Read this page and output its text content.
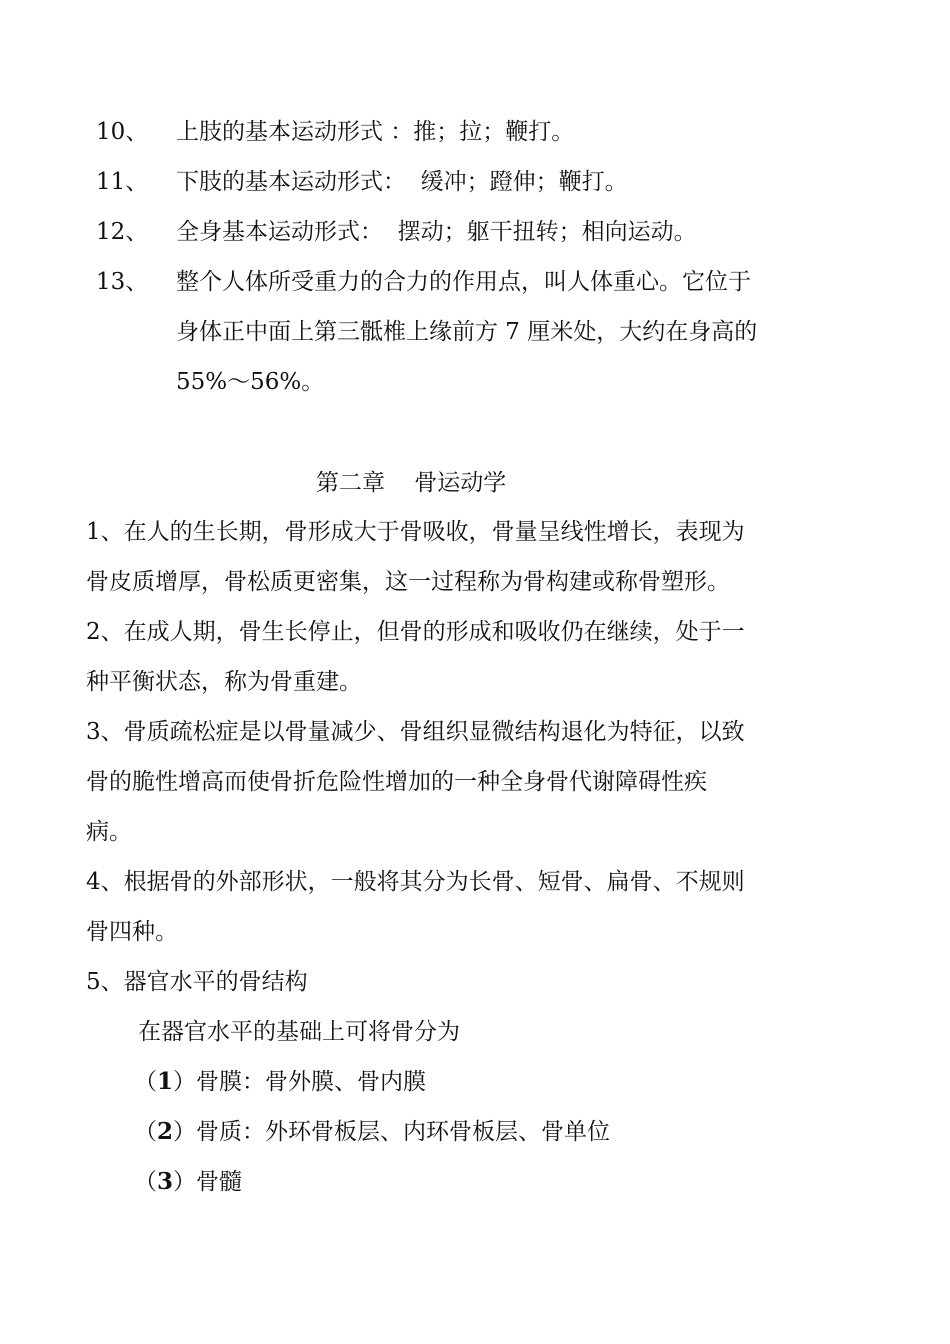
10、 上肢的基本运动形式 ：推；拉；鞭打。
11、 下肢的基本运动形式：  缓冲；蹬伸；鞭打。
12、 全身基本运动形式：  摆动；躯干扭转；相向运动。
13、 整个人体所受重力的合力的作用点，叫人体重心。它位于
身体正中面上第三骶椎上缘前方 7 厘米处，大约在身高的
55%～56%。
第二章    骨运动学
1、在人的生长期，骨形成大于骨吸收，骨量呈线性增长，表现为
骨皮质增厚，骨松质更密集，这一过程称为骨构建或称骨塑形。
2、在成人期，骨生长停止，但骨的形成和吸收仍在继续，处于一
种平衡状态，称为骨重建。
3、骨质疏松症是以骨量减少、骨组织显微结构退化为特征，以致
骨的脆性增高而使骨折危险性增加的一种全身骨代谢障碍性疾
病。
4、根据骨的外部形状，一般将其分为长骨、短骨、扁骨、不规则
骨四种。
5、器官水平的骨结构
在器官水平的基础上可将骨分为
（1）骨膜：骨外膜、骨内膜
（2）骨质：外环骨板层、内环骨板层、骨单位
（3）骨髓
